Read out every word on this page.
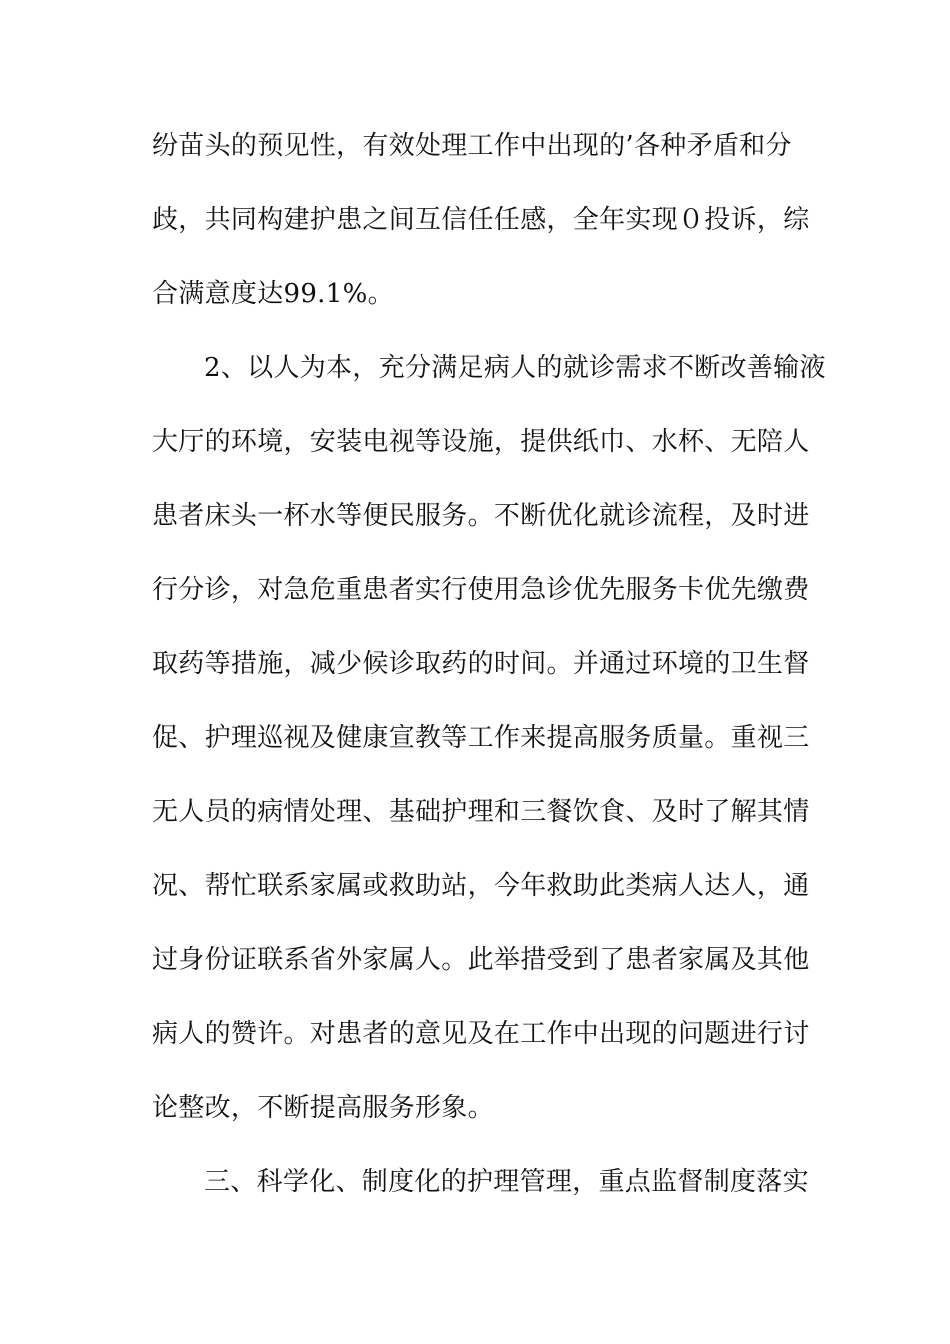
纷苗头的预见性，有效处理工作中出现的’各种矛盾和分
歧，共同构建护患之间互信任任感，全年实现０投诉，综
合满意度达99.1%。
2、以人为本，充分满足病人的就诊需求不断改善输液
大厅的环境，安装电视等设施，提供纸巾、水杯、无陪人
患者床头一杯水等便民服务。不断优化就诊流程，及时进
行分诊，对急危重患者实行使用急诊优先服务卡优先缴费
取药等措施，减少候诊取药的时间。并通过环境的卫生督
促、护理巡视及健康宣教等工作来提高服务质量。重视三
无人员的病情处理、基础护理和三餐饮食、及时了解其情
况、帮忙联系家属或救助站，今年救助此类病人达人，通
过身份证联系省外家属人。此举措受到了患者家属及其他
病人的赞许。对患者的意见及在工作中出现的问题进行讨
论整改，不断提高服务形象。
三、科学化、制度化的护理管理，重点监督制度落实
